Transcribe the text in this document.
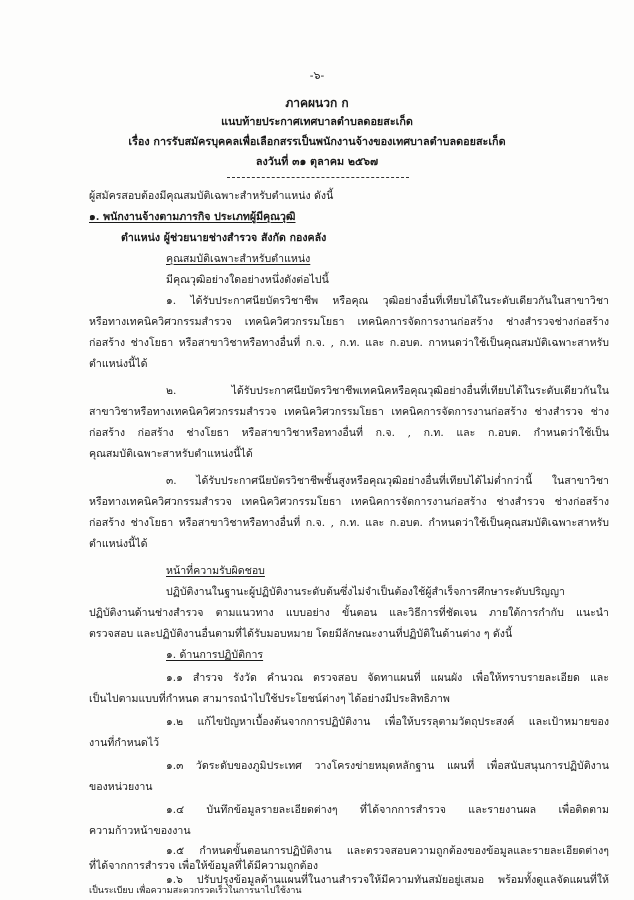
-๖-
ภาคผนวก ก
แนบท้ายประกาศเทศบาลตำบลดอยสะเก็ด
เรื่อง การรับสมัครบุคคลเพื่อเลือกสรรเป็นพนักงานจ้างของเทศบาลตำบลดอยสะเก็ด
ลงวันที่ ๓๑ ตุลาคม ๒๕๖๗
ผู้สมัครสอบต้องมีคุณสมบัติเฉพาะสำหรับตำแหน่ง ดังนี้
๑. พนักงานจ้างตามภารกิจ ประเภทผู้มีคุณวุฒิ
ตำแหน่ง ผู้ช่วยนายช่างสำรวจ สังกัด กองคลัง
คุณสมบัติเฉพาะสำหรับตำแหน่ง
มีคุณวุฒิอย่างใดอย่างหนึ่งดังต่อไปนี้
๑. ได้รับประกาศนียบัตรวิชาชีพ หรือคุณ วุฒิอย่างอื่นที่เทียบได้ในระดับเดียวกันในสาขาวิชา
หรือทางเทคนิควิศวกรรมสำรวจ เทคนิควิศวกรรมโยธา เทคนิคการจัดการงานก่อสร้าง ช่างสำรวจช่างก่อสร้าง
ก่อสร้าง ช่างโยธา หรือสาขาวิชาหรือทางอื่นที่ ก.จ. , ก.ท. และ ก.อบต. กาหนดว่าใช้เป็นคุณสมบัติเฉพาะสาหรับ
ตำแหน่งนี้ได้
๒. ได้รับประกาศนียบัตรวิชาชีพเทคนิคหรือคุณวุฒิอย่างอื่นที่เทียบได้ในระดับเดียวกันใน
สาขาวิชาหรือทางเทคนิควิศวกรรมสำรวจ เทคนิควิศวกรรมโยธา เทคนิคการจัดการงานก่อสร้าง ช่างสำรวจ ช่าง
ก่อสร้าง ก่อสร้าง ช่างโยธา หรือสาขาวิชาหรือทางอื่นที่ ก.จ. , ก.ท. และ ก.อบต. กำหนดว่าใช้เป็น
คุณสมบัติเฉพาะสาหรับตำแหน่งนี้ได้
๓. ได้รับประกาศนียบัตรวิชาชีพชั้นสูงหรือคุณวุฒิอย่างอื่นที่เทียบได้ไม่ต่ำกว่านี้ ในสาขาวิชา
หรือทางเทคนิควิศวกรรมสำรวจ เทคนิควิศวกรรมโยธา เทคนิคการจัดการงานก่อสร้าง ช่างสำรวจ ช่างก่อสร้าง
ก่อสร้าง ช่างโยธา หรือสาขาวิชาหรือทางอื่นที่ ก.จ. , ก.ท. และ ก.อบต. กำหนดว่าใช้เป็นคุณสมบัติเฉพาะสาหรับ
ตำแหน่งนี้ได้
หน้าที่ความรับผิดชอบ
ปฏิบัติงานในฐานะผู้ปฏิบัติงานระดับต้นซึ่งไม่จำเป็นต้องใช้ผู้สำเร็จการศึกษาระดับปริญญา
ปฏิบัติงานด้านช่างสำรวจ ตามแนวทาง แบบอย่าง ขั้นตอน และวิธีการที่ชัดเจน ภายใต้การกำกับ แนะนำ
ตรวจสอบ และปฏิบัติงานอื่นตามที่ได้รับมอบหมาย โดยมีลักษณะงานที่ปฏิบัติในด้านต่าง ๆ ดังนี้
๑. ด้านการปฏิบัติการ
๑.๑ สำรวจ รังวัด คำนวณ ตรวจสอบ จัดทาแผนที่ แผนผัง เพื่อให้ทราบรายละเอียด และ
เป็นไปตามแบบที่กำหนด สามารถนำไปใช้ประโยชน์ต่างๆ ได้อย่างมีประสิทธิภาพ
๑.๒ แก้ไขปัญหาเบื้องต้นจากการปฏิบัติงาน เพื่อให้บรรลุตามวัตถุประสงค์ และเป้าหมายของ
งานที่กำหนดไว้
๑.๓ วัดระดับของภูมิประเทศ วางโครงข่ายหมุดหลักฐาน แผนที่ เพื่อสนับสนุนการปฏิบัติงาน
ของหน่วยงาน
๑.๔ บันทึกข้อมูลรายละเอียดต่างๆ ที่ได้จากการสำรวจ และรายงานผล เพื่อติดตาม
ความก้าวหน้าของงาน
๑.๕ กำหนดขั้นตอนการปฏิบัติงาน และตรวจสอบความถูกต้องของข้อมูลและรายละเอียดต่างๆ
ที่ได้จากการสำรวจ เพื่อให้ข้อมูลที่ได้มีความถูกต้อง
๑.๖ ปรับปรุงข้อมูลด้านแผนที่ในงานสำรวจให้มีความทันสมัยอยู่เสมอ พร้อมทั้งดูแลจัดแผนที่ให้
เป็นระเบียบ เพื่อความสะดวกรวดเร็วในการนาไปใช้งาน
